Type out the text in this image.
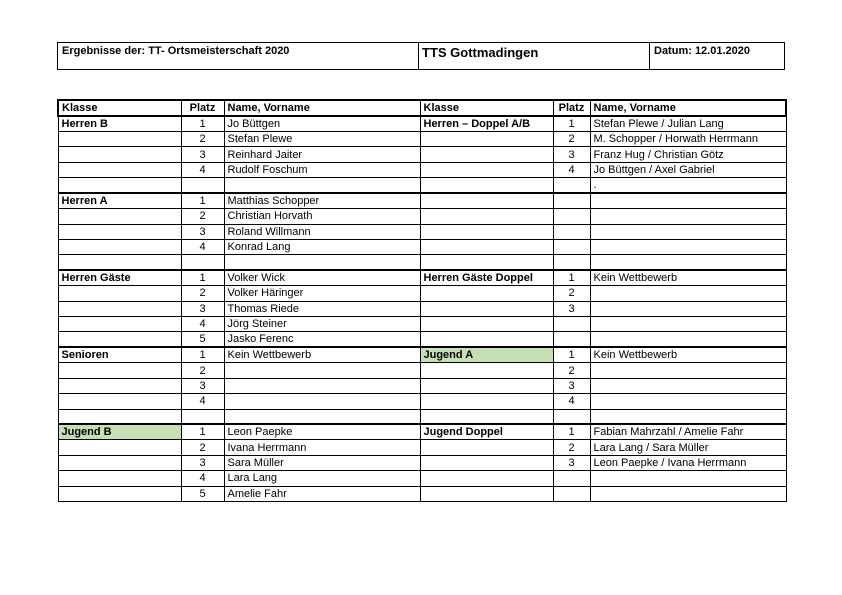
Ergebnisse der: TT- Ortsmeisterschaft 2020	TTS Gottmadingen	Datum: 12.01.2020
Klasse	Platz	Name, Vorname	Klasse	Platz	Name, Vorname
Herren B	1	Jo Büttgen	Herren – Doppel A/B	1	Stefan Plewe / Julian Lang
	2	Stefan Plewe		2	M. Schopper / Horwath Herrmann
	3	Reinhard Jaiter		3	Franz Hug / Christian Götz
	4	Rudolf Foschum		4	Jo Büttgen / Axel Gabriel
					.
Herren A	1	Matthias Schopper			
	2	Christian Horvath			
	3	Roland Willmann			
	4	Konrad Lang			

Herren Gäste	1	Volker Wick	Herren Gäste Doppel	1	Kein Wettbewerb
	2	Volker Häringer		2	
	3	Thomas Riede		3	
	4	Jörg Steiner			
	5	Jasko Ferenc			
Senioren	1	Kein Wettbewerb	Jugend A	1	Kein Wettbewerb
	2			2	
	3			3	
	4			4	

Jugend B	1	Leon Paepke	Jugend Doppel	1	Fabian Mahrzahl / Amelie Fahr
	2	Ivana Herrmann		2	Lara Lang / Sara Müller
	3	Sara Müller		3	Leon Paepke / Ivana Herrmann
	4	Lara Lang			
	5	Amelie Fahr			
